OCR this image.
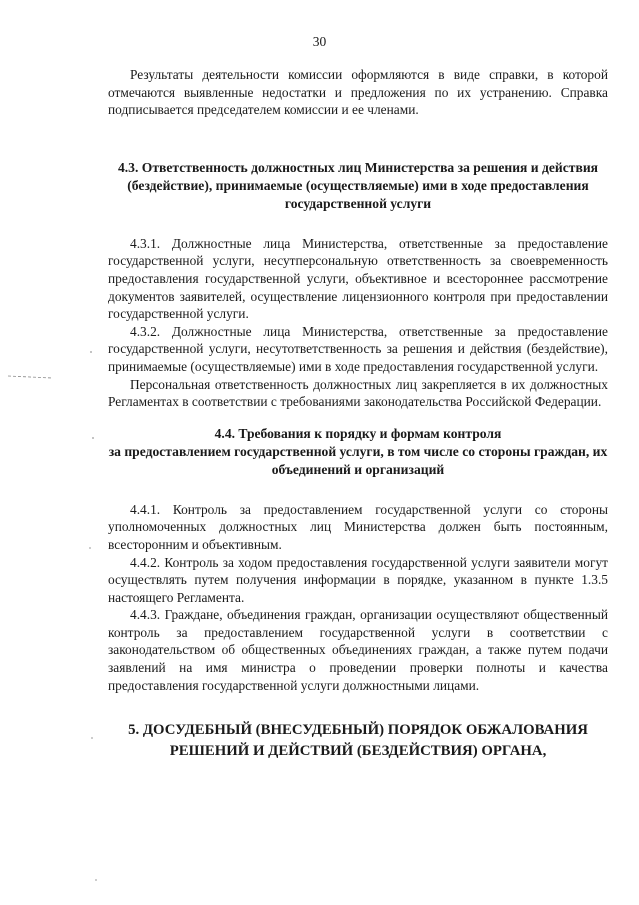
30

Результаты деятельности комиссии оформляются в виде справки, в которой отмечаются выявленные недостатки и предложения по их устранению. Справка подписывается председателем комиссии и ее членами.

4.3. Ответственность должностных лиц Министерства за решения и действия (бездействие), принимаемые (осуществляемые) ими в ходе предоставления государственной услуги

4.3.1. Должностные лица Министерства, ответственные за предоставление государственной услуги, несутперсональную ответственность за своевременность предоставления государственной услуги, объективное и всестороннее рассмотрение документов заявителей, осуществление лицензионного контроля при предоставлении государственной услуги.

4.3.2. Должностные лица Министерства, ответственные за предоставление государственной услуги, несутответственность за решения и действия (бездействие), принимаемые (осуществляемые) ими в ходе предоставления государственной услуги.

Персональная ответственность должностных лиц закрепляется в их должностных Регламентах в соответствии с требованиями законодательства Российской Федерации.

4.4. Требования к порядку и формам контроля
за предоставлением государственной услуги, в том числе со стороны граждан, их объединений и организаций

4.4.1. Контроль за предоставлением государственной услуги со стороны уполномоченных должностных лиц Министерства должен быть постоянным, всесторонним и объективным.

4.4.2. Контроль за ходом предоставления государственной услуги заявители могут осуществлять путем получения информации в порядке, указанном в пункте 1.3.5 настоящего Регламента.

4.4.3. Граждане, объединения граждан, организации осуществляют общественный контроль за предоставлением государственной услуги в соответствии с законодательством об общественных объединениях граждан, а также путем подачи заявлений на имя министра о проведении проверки полноты и качества предоставления государственной услуги должностными лицами.

5. ДОСУДЕБНЫЙ (ВНЕСУДЕБНЫЙ) ПОРЯДОК ОБЖАЛОВАНИЯ
РЕШЕНИЙ И ДЕЙСТВИЙ (БЕЗДЕЙСТВИЯ) ОРГАНА,
